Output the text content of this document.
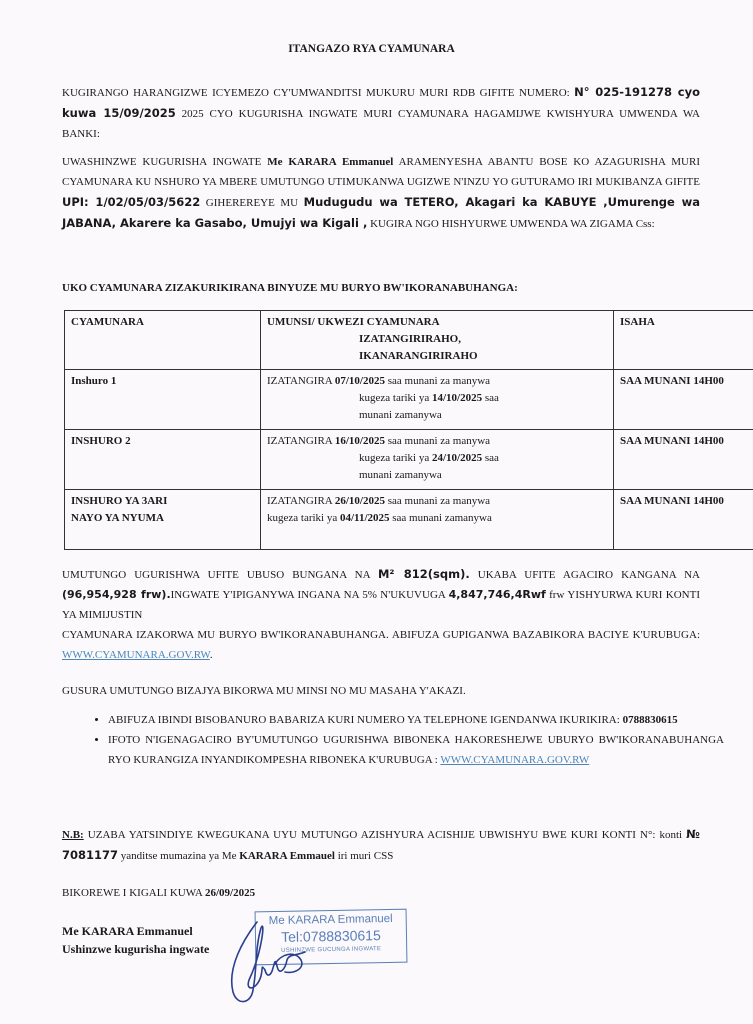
ITANGAZO RYA CYAMUNARA
KUGIRANGO HARANGIZWE ICYEMEZO CY'UMWANDITSI MUKURU MURI RDB GIFITE NUMERO: N° 025-191278 cyo kuwa 15/09/2025 2025 CYO KUGURISHA INGWATE MURI CYAMUNARA HAGAMIJWE KWISHYURA UMWENDA WA BANKI:
UWASHINZWE KUGURISHA INGWATE Me KARARA Emmanuel ARAMENYESHA ABANTU BOSE KO AZAGURISHA MURI CYAMUNARA KU NSHURO YA MBERE UMUTUNGO UTIMUKANWA UGIZWE N'INZU YO GUTURAMO IRI MUKIBANZA GIFITE UPI: 1/02/05/03/5622 GIHEREREYE MU Mudugudu wa TETERO, Akagari ka KABUYE ,Umurenge wa JABANA, Akarere ka Gasabo, Umujyi wa Kigali , KUGIRA NGO HISHYURWE UMWENDA WA ZIGAMA Css:
UKO CYAMUNARA ZIZAKURIKIRANA BINYUZE MU BURYO BW'IKORANABUHANGA:
CYAMUNARA	UMUNSI/ UKWEZI CYAMUNARA
IZATANGIRIRAHO,
IKANARANGIRIRAHO	ISAHA
Inshuro 1	IZATANGIRA 07/10/2025 saa munani za manywa
kugeza tariki ya 14/10/2025 saa
munani zamanywa	SAA MUNANI 14H00
INSHURO 2	IZATANGIRA 16/10/2025 saa munani za manywa
kugeza tariki ya 24/10/2025 saa
munani zamanywa	SAA MUNANI 14H00
INSHURO YA 3ARI
NAYO YA NYUMA	IZATANGIRA 26/10/2025 saa munani za manywa
kugeza tariki ya 04/11/2025 saa munani zamanywa	SAA MUNANI 14H00
UMUTUNGO UGURISHWA UFITE UBUSO BUNGANA NA M² 812(sqm). UKABA UFITE AGACIRO KANGANA NA (96,954,928 frw).INGWATE Y'IPIGANYWA INGANA NA 5% N'UKUVUGA 4,847,746,4Rwf frw YISHYURWA KURI KONTI YA MIMIJUSTIN
CYAMUNARA IZAKORWA MU BURYO BW'IKORANABUHANGA. ABIFUZA GUPIGANWA BAZABIKORA BACIYE K'URUBUGA: WWW.CYAMUNARA.GOV.RW.
GUSURA UMUTUNGO BIZAJYA BIKORWA MU MINSI NO MU MASAHA Y'AKAZI.
• ABIFUZA IBINDI BISOBANURO BABARIZA KURI NUMERO YA TELEPHONE IGENDANWA IKURIKIRA: 0788830615
• IFOTO N'IGENAGACIRO BY'UMUTUNGO UGURISHWA BIBONEKA HAKORESHEJWE UBURYO BW'IKORANABUHANGA RYO KURANGIZA INYANDIKOMPESHA RIBONEKA K'URUBUGA : WWW.CYAMUNARA.GOV.RW
N.B: UZABA YATSINDIYE KWEGUKANA UYU MUTUNGO AZISHYURA ACISHIJE UBWISHYU BWE KURI KONTI N°: konti № 7081177 yanditse mumazina ya Me KARARA Emmauel iri muri CSS
BIKOREWE I KIGALI KUWA 26/09/2025
Me KARARA Emmanuel
Ushinzwe kugurisha ingwate
Me KARARA Emmanuel
Tel:0788830615
USHINZWE GUCUNGA INGWATE
